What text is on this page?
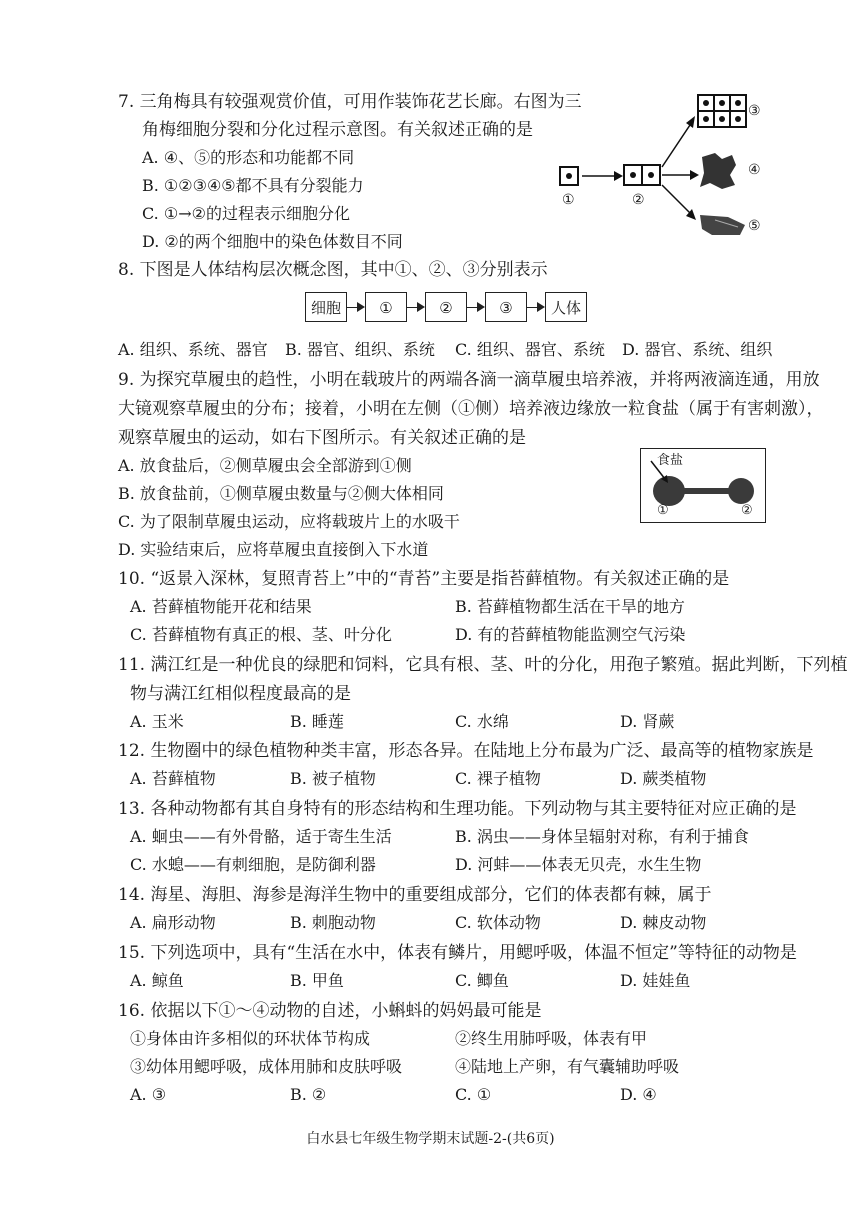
7. 三角梅具有较强观赏价值，可用作装饰花艺长廊。右图为三
角梅细胞分裂和分化过程示意图。有关叙述正确的是
A. ④、⑤的形态和功能都不同
B. ①②③④⑤都不具有分裂能力
C. ①→②的过程表示细胞分化
D. ②的两个细胞中的染色体数目不同
③
④
⑤
①	②
8. 下图是人体结构层次概念图，其中①、②、③分别表示
细胞	①	②	③	人体
A. 组织、系统、器官 B. 器官、组织、系统 C. 组织、器官、系统 D. 器官、系统、组织
9. 为探究草履虫的趋性，小明在载玻片的两端各滴一滴草履虫培养液，并将两液滴连通，用放
大镜观察草履虫的分布；接着，小明在左侧（①侧）培养液边缘放一粒食盐（属于有害刺激），
观察草履虫的运动，如右下图所示。有关叙述正确的是
A. 放食盐后，②侧草履虫会全部游到①侧
B. 放食盐前，①侧草履虫数量与②侧大体相同
C. 为了限制草履虫运动，应将载玻片上的水吸干
D. 实验结束后，应将草履虫直接倒入下水道
食盐
①	②
10. “返景入深林，复照青苔上”中的“青苔”主要是指苔藓植物。有关叙述正确的是
A. 苔藓植物能开花和结果	B. 苔藓植物都生活在干旱的地方
C. 苔藓植物有真正的根、茎、叶分化	D. 有的苔藓植物能监测空气污染
11. 满江红是一种优良的绿肥和饲料，它具有根、茎、叶的分化，用孢子繁殖。据此判断，下列植
物与满江红相似程度最高的是
A. 玉米	B. 睡莲	C. 水绵	D. 肾蕨
12. 生物圈中的绿色植物种类丰富，形态各异。在陆地上分布最为广泛、最高等的植物家族是
A. 苔藓植物	B. 被子植物	C. 裸子植物	D. 蕨类植物
13. 各种动物都有其自身特有的形态结构和生理功能。下列动物与其主要特征对应正确的是
A. 蛔虫——有外骨骼，适于寄生生活	B. 涡虫——身体呈辐射对称，有利于捕食
C. 水螅——有刺细胞，是防御利器	D. 河蚌——体表无贝壳，水生生物
14. 海星、海胆、海参是海洋生物中的重要组成部分，它们的体表都有棘，属于
A. 扁形动物	B. 刺胞动物	C. 软体动物	D. 棘皮动物
15. 下列选项中，具有“生活在水中，体表有鳞片，用鳃呼吸，体温不恒定”等特征的动物是
A. 鲸鱼	B. 甲鱼	C. 鲫鱼	D. 娃娃鱼
16. 依据以下①～④动物的自述，小蝌蚪的妈妈最可能是
①身体由许多相似的环状体节构成	②终生用肺呼吸，体表有甲
③幼体用鳃呼吸，成体用肺和皮肤呼吸	④陆地上产卵，有气囊辅助呼吸
A. ③	B. ②	C. ①	D. ④
白水县七年级生物学期末试题-2-(共6页)
